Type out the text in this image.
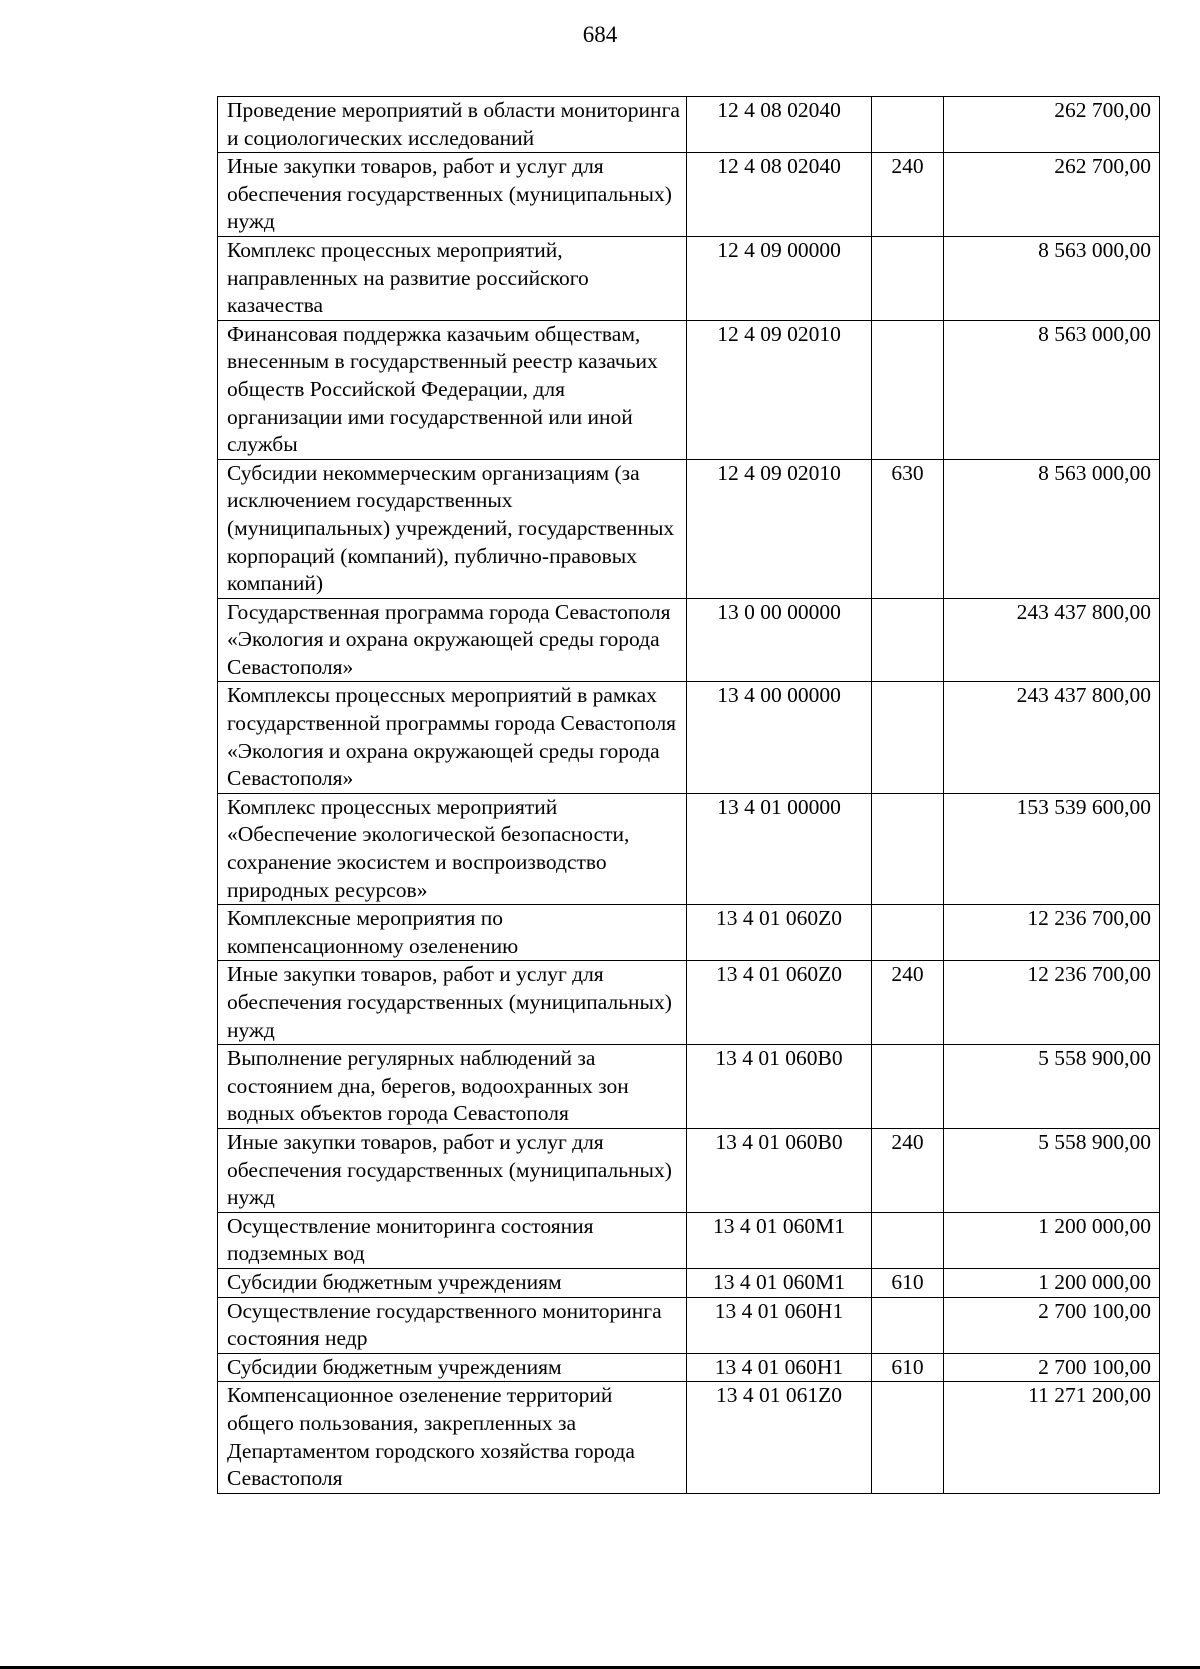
684
Проведение мероприятий в области мониторинга и социологических исследований	12 4 08 02040		262 700,00
Иные закупки товаров, работ и услуг для обеспечения государственных (муниципальных) нужд	12 4 08 02040	240	262 700,00
Комплекс процессных мероприятий, направленных на развитие российского казачества	12 4 09 00000		8 563 000,00
Финансовая поддержка казачьим обществам, внесенным в государственный реестр казачьих обществ Российской Федерации, для организации ими государственной или иной службы	12 4 09 02010		8 563 000,00
Субсидии некоммерческим организациям (за исключением государственных (муниципальных) учреждений, государственных корпораций (компаний), публично-правовых компаний)	12 4 09 02010	630	8 563 000,00
Государственная программа города Севастополя «Экология и охрана окружающей среды города Севастополя»	13 0 00 00000		243 437 800,00
Комплексы процессных мероприятий в рамках государственной программы города Севастополя «Экология и охрана окружающей среды города Севастополя»	13 4 00 00000		243 437 800,00
Комплекс процессных мероприятий «Обеспечение экологической безопасности, сохранение экосистем и воспроизводство природных ресурсов»	13 4 01 00000		153 539 600,00
Комплексные мероприятия по компенсационному озеленению	13 4 01 060Z0		12 236 700,00
Иные закупки товаров, работ и услуг для обеспечения государственных (муниципальных) нужд	13 4 01 060Z0	240	12 236 700,00
Выполнение регулярных наблюдений за состоянием дна, берегов, водоохранных зон водных объектов города Севастополя	13 4 01 060B0		5 558 900,00
Иные закупки товаров, работ и услуг для обеспечения государственных (муниципальных) нужд	13 4 01 060B0	240	5 558 900,00
Осуществление мониторинга состояния подземных вод	13 4 01 060M1		1 200 000,00
Субсидии бюджетным учреждениям	13 4 01 060M1	610	1 200 000,00
Осуществление государственного мониторинга состояния недр	13 4 01 060H1		2 700 100,00
Субсидии бюджетным учреждениям	13 4 01 060H1	610	2 700 100,00
Компенсационное озеленение территорий общего пользования, закрепленных за Департаментом городского хозяйства города Севастополя	13 4 01 061Z0		11 271 200,00
